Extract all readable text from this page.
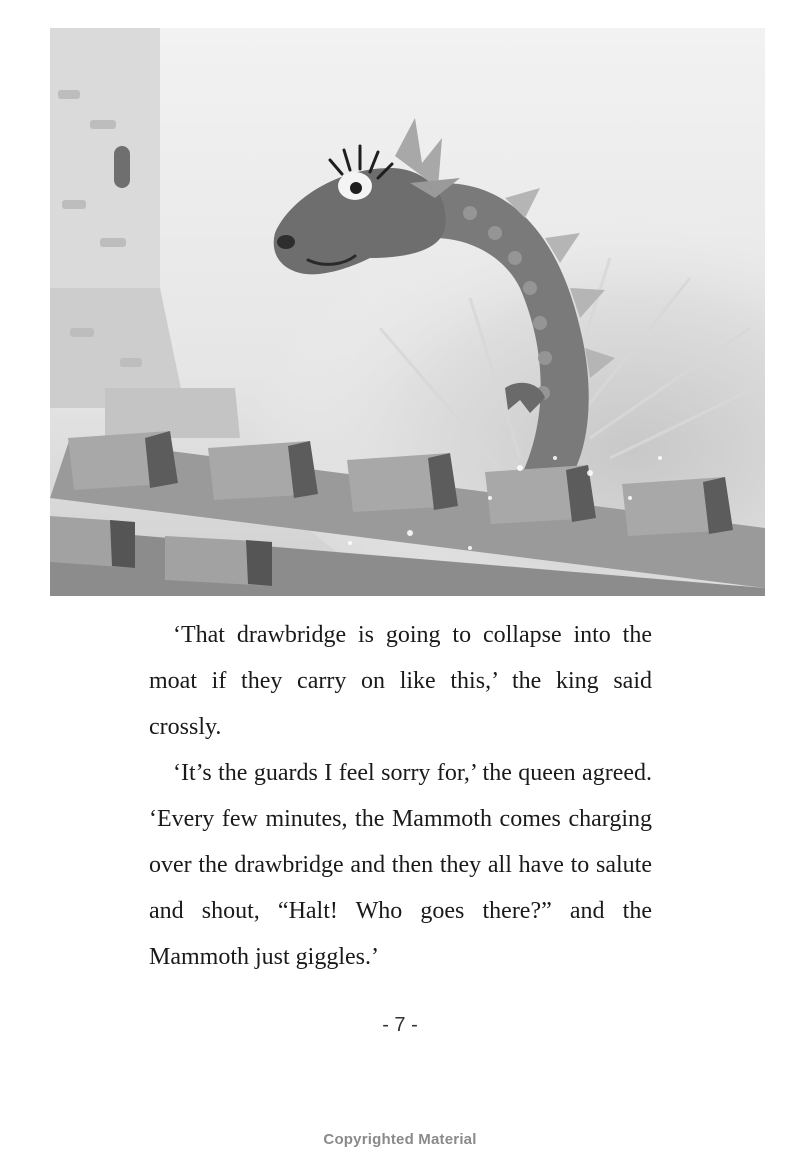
‘That drawbridge is going to collapse into the moat if they carry on like this,’ the king said crossly.

‘It’s the guards I feel sorry for,’ the queen agreed. ‘Every few minutes, the Mammoth comes charging over the drawbridge and then they all have to salute and shout, “Halt! Who goes there?” and the Mammoth just giggles.’

- 7 -
Copyrighted Material
